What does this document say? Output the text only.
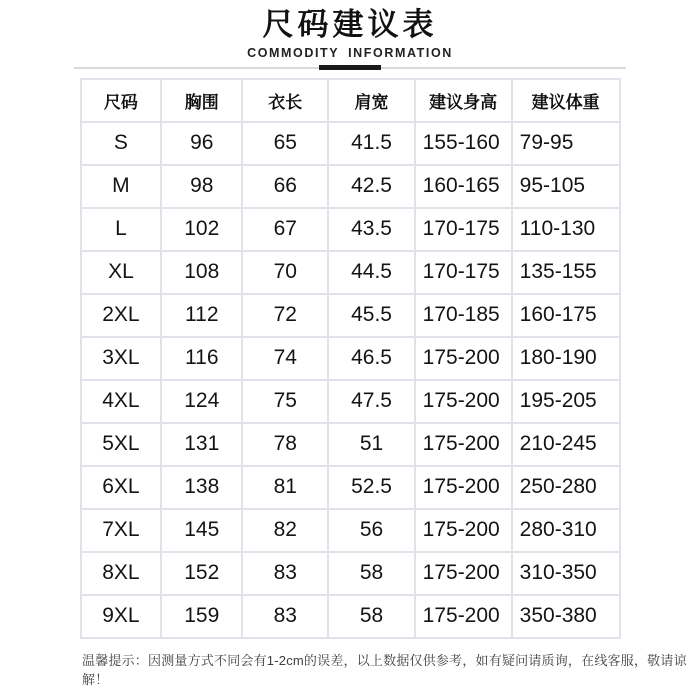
尺码建议表
COMMODITY INFORMATION
尺码	胸围	衣长	肩宽	建议身高	建议体重
S	96	65	41.5	155-160	79-95
M	98	66	42.5	160-165	95-105
L	102	67	43.5	170-175	110-130
XL	108	70	44.5	170-175	135-155
2XL	112	72	45.5	170-185	160-175
3XL	116	74	46.5	175-200	180-190
4XL	124	75	47.5	175-200	195-205
5XL	131	78	51	175-200	210-245
6XL	138	81	52.5	175-200	250-280
7XL	145	82	56	175-200	280-310
8XL	152	83	58	175-200	310-350
9XL	159	83	58	175-200	350-380
温馨提示：因测量方式不同会有1-2cm的误差，以上数据仅供参考，如有疑问请质询，在线客服，敬请谅解！
